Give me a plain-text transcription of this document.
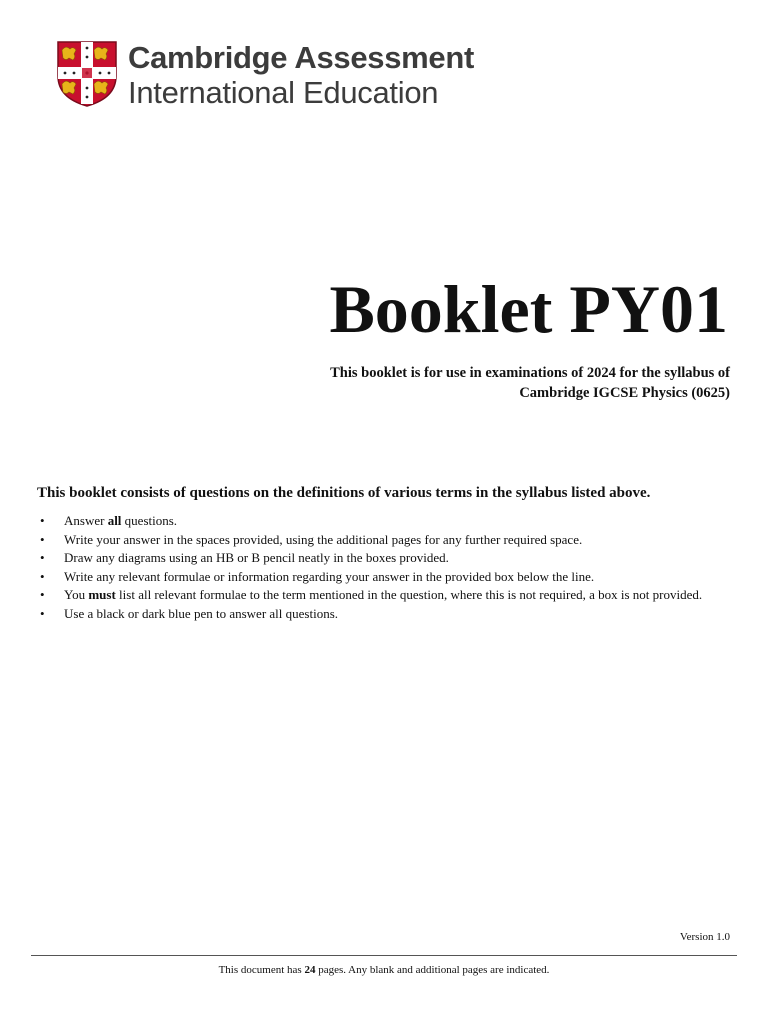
Cambridge Assessment
International Education
Booklet PY01
This booklet is for use in examinations of 2024 for the syllabus of
Cambridge IGCSE Physics (0625)
This booklet consists of questions on the definitions of various terms in the syllabus listed above.
• Answer all questions.
• Write your answer in the spaces provided, using the additional pages for any further required space.
• Draw any diagrams using an HB or B pencil neatly in the boxes provided.
• Write any relevant formulae or information regarding your answer in the provided box below the line.
• You must list all relevant formulae to the term mentioned in the question, where this is not required, a box is not provided.
• Use a black or dark blue pen to answer all questions.
Version 1.0
This document has 24 pages. Any blank and additional pages are indicated.
